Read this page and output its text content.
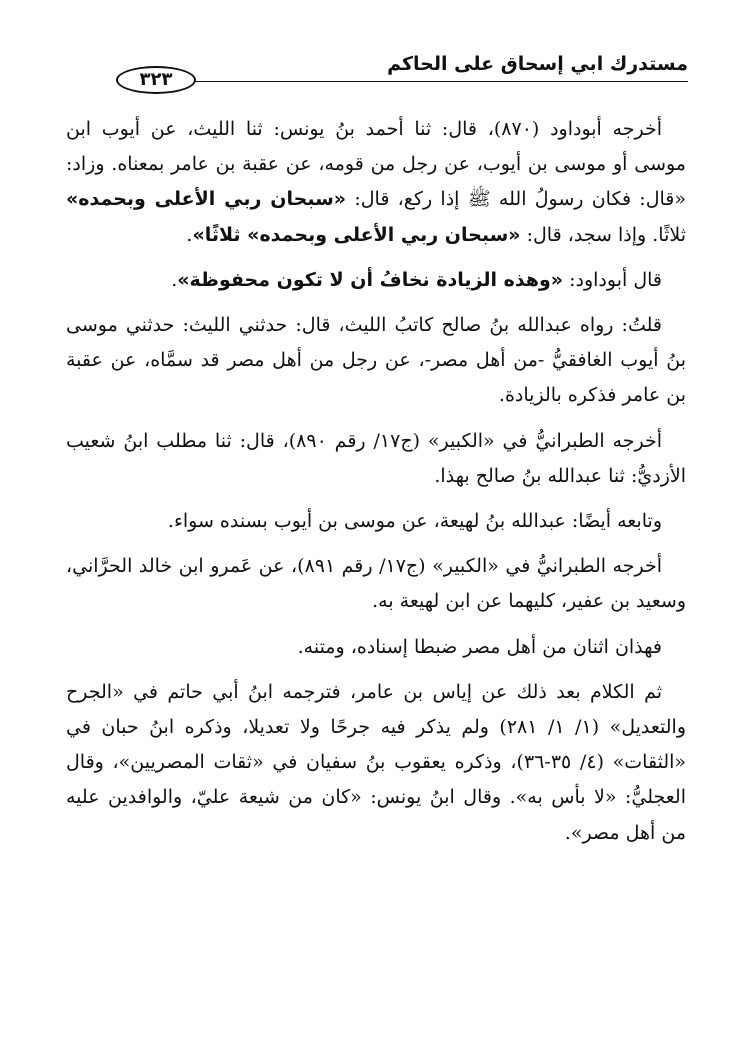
مستدرك ابي إسحاق على الحاكم
٣٢٣

أخرجه أبوداود (٨٧٠)، قال: ثنا أحمد بنُ يونس: ثنا الليث، عن أيوب ابن موسى أو موسى بن أيوب، عن رجل من قومه، عن عقبة بن عامر بمعناه. وزاد: «قال: فكان رسولُ الله ﷺ إذا ركع، قال: «سبحان ربي الأعلى وبحمده» ثلاثًا. وإذا سجد، قال: «سبحان ربي الأعلى وبحمده» ثلاثًا».

قال أبوداود: «وهذه الزيادة نخافُ أن لا تكون محفوظة».

قلتُ: رواه عبدالله بنُ صالح كاتبُ الليث، قال: حدثني الليث: حدثني موسى بنُ أيوب الغافقيُّ -من أهل مصر-، عن رجل من أهل مصر قد سمَّاه، عن عقبة بن عامر فذكره بالزيادة.

أخرجه الطبرانيُّ في «الكبير» (ج١٧/ رقم ٨٩٠)، قال: ثنا مطلب ابنُ شعيب الأزديُّ: ثنا عبدالله بنُ صالح بهذا.

وتابعه أيضًا: عبدالله بنُ لهيعة، عن موسى بن أيوب بسنده سواء.

أخرجه الطبرانيُّ في «الكبير» (ج١٧/ رقم ٨٩١)، عن عَمرو ابن خالد الحرَّاني، وسعيد بن عفير، كليهما عن ابن لهيعة به.

فهذان اثنان من أهل مصر ضبطا إسناده، ومتنه.

ثم الكلام بعد ذلك عن إياس بن عامر، فترجمه ابنُ أبي حاتم في «الجرح والتعديل» (١/ ١/ ٢٨١) ولم يذكر فيه جرحًا ولا تعديلا، وذكره ابنُ حبان في «الثقات» (٤/ ٣٥-٣٦)، وذكره يعقوب بنُ سفيان في «ثقات المصريين»، وقال العجليُّ: «لا بأس به». وقال ابنُ يونس: «كان من شيعة عليّ، والوافدين عليه من أهل مصر».
